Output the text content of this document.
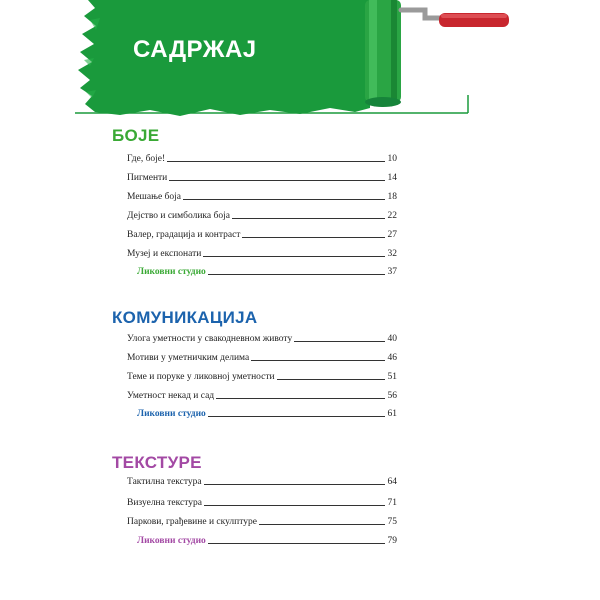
САДРЖАЈ
БОЈЕ
Где, боје!	10
Пигменти	14
Мешање боја	18
Дејство и симболика боја	22
Валер, градација и контраст	27
Музеј и експонати	32
Ликовни студио	37
КОМУНИКАЦИЈА
Улога уметности у свакодневном животу	40
Мотиви у уметничким делима	46
Теме и поруке у ликовној уметности	51
Уметност некад и сад	56
Ликовни студио	61
ТЕКСТУРЕ
Тактилна текстура	64
Визуелна текстура	71
Паркови, грађевине и скулптуре	75
Ликовни студио	79
